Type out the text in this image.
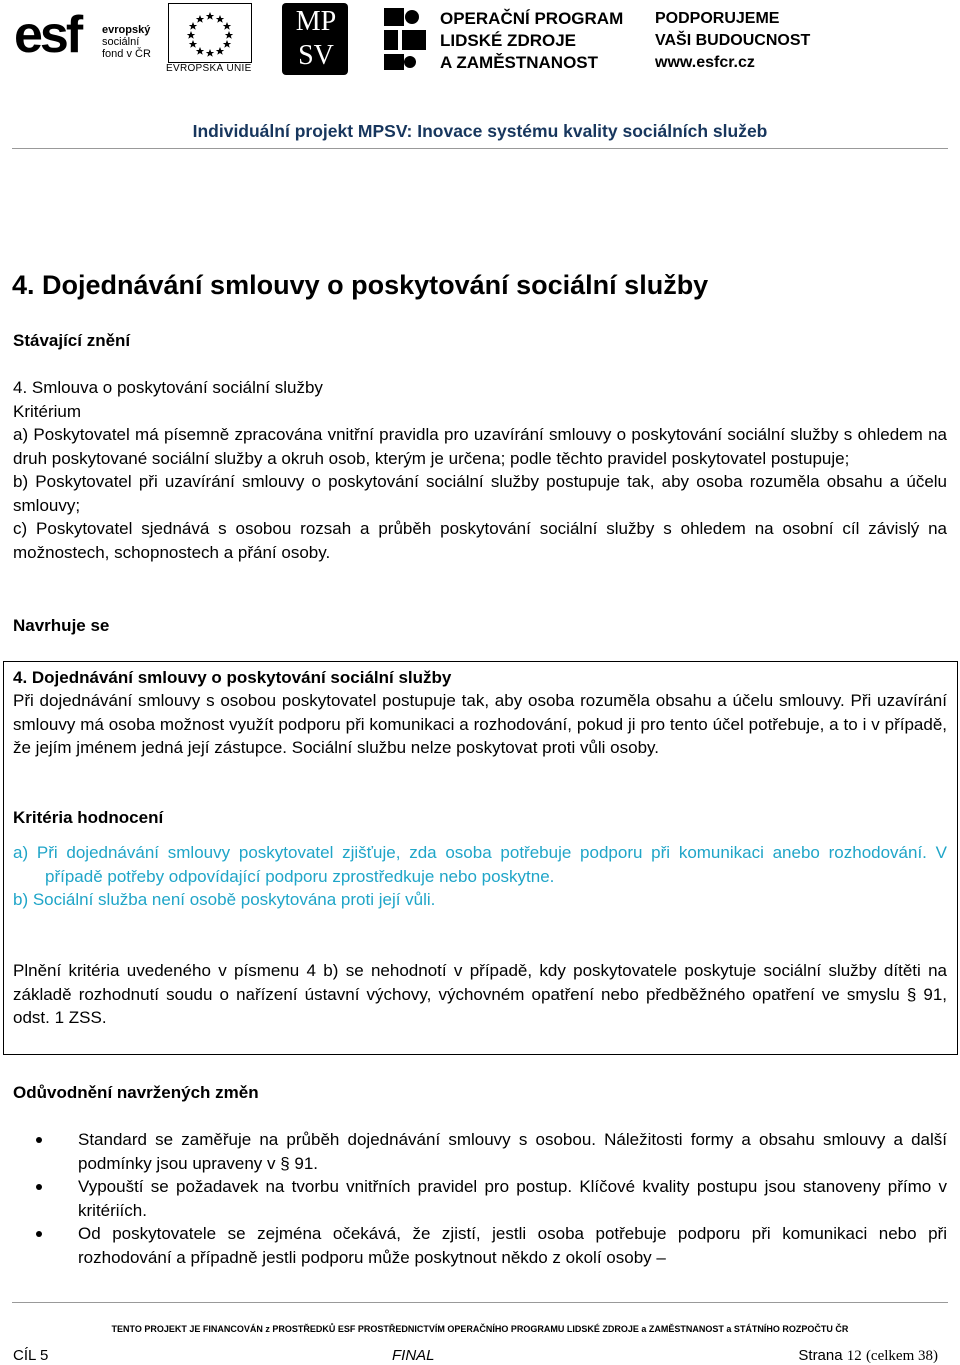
esf evropský
sociální
fond v ČR
EVROPSKÁ UNIE
MP
SV
OPERAČNÍ PROGRAM
LIDSKÉ ZDROJE
A ZAMĚSTNANOST
PODPORUJEME
VAŠI BUDOUCNOST
www.esfcr.cz
Individuální projekt MPSV: Inovace systému kvality sociálních služeb
4. Dojednávání smlouvy o poskytování sociální služby
Stávající znění
4. Smlouva o poskytování sociální služby
Kritérium
a) Poskytovatel má písemně zpracována vnitřní pravidla pro uzavírání smlouvy o poskytování sociální služby s ohledem na druh poskytované sociální služby a okruh osob, kterým je určena; podle těchto pravidel poskytovatel postupuje;
b) Poskytovatel při uzavírání smlouvy o poskytování sociální služby postupuje tak, aby osoba rozuměla obsahu a účelu smlouvy;
c) Poskytovatel sjednává s osobou rozsah a průběh poskytování sociální služby s ohledem na osobní cíl závislý na možnostech, schopnostech a přání osoby.
Navrhuje se
4. Dojednávání smlouvy o poskytování sociální služby
Při dojednávání smlouvy s osobou poskytovatel postupuje tak, aby osoba rozuměla obsahu a účelu smlouvy. Při uzavírání smlouvy má osoba možnost využít podporu při komunikaci a rozhodování, pokud ji pro tento účel potřebuje, a to i v případě, že jejím jménem jedná její zástupce. Sociální službu nelze poskytovat proti vůli osoby.
Kritéria hodnocení
a) Při dojednávání smlouvy poskytovatel zjišťuje, zda osoba potřebuje podporu při komunikaci anebo rozhodování. V případě potřeby odpovídající podporu zprostředkuje nebo poskytne.
b) Sociální služba není osobě poskytována proti její vůli.
Plnění kritéria uvedeného v písmenu 4 b) se nehodnotí v případě, kdy poskytovatele poskytuje sociální služby dítěti na základě rozhodnutí soudu o nařízení ústavní výchovy, výchovném opatření nebo předběžného opatření ve smyslu § 91, odst. 1 ZSS.
Odůvodnění navržených změn
Standard se zaměřuje na průběh dojednávání smlouvy s osobou. Náležitosti formy a obsahu smlouvy a další podmínky jsou upraveny v § 91.
Vypouští se požadavek na tvorbu vnitřních pravidel pro postup. Klíčové kvality postupu jsou stanoveny přímo v kritériích.
Od poskytovatele se zejména očekává, že zjistí, jestli osoba potřebuje podporu při komunikaci nebo při rozhodování a případně jestli podporu může poskytnout někdo z okolí osoby –
TENTO PROJEKT JE FINANCOVÁN z PROSTŘEDKŮ ESF PROSTŘEDNICTVÍM OPERAČNÍHO PROGRAMU LIDSKÉ ZDROJE a ZAMĚSTNANOST a STÁTNÍHO ROZPOČTU ČR
CÍL 5	FINAL	Strana 12 (celkem 38)
